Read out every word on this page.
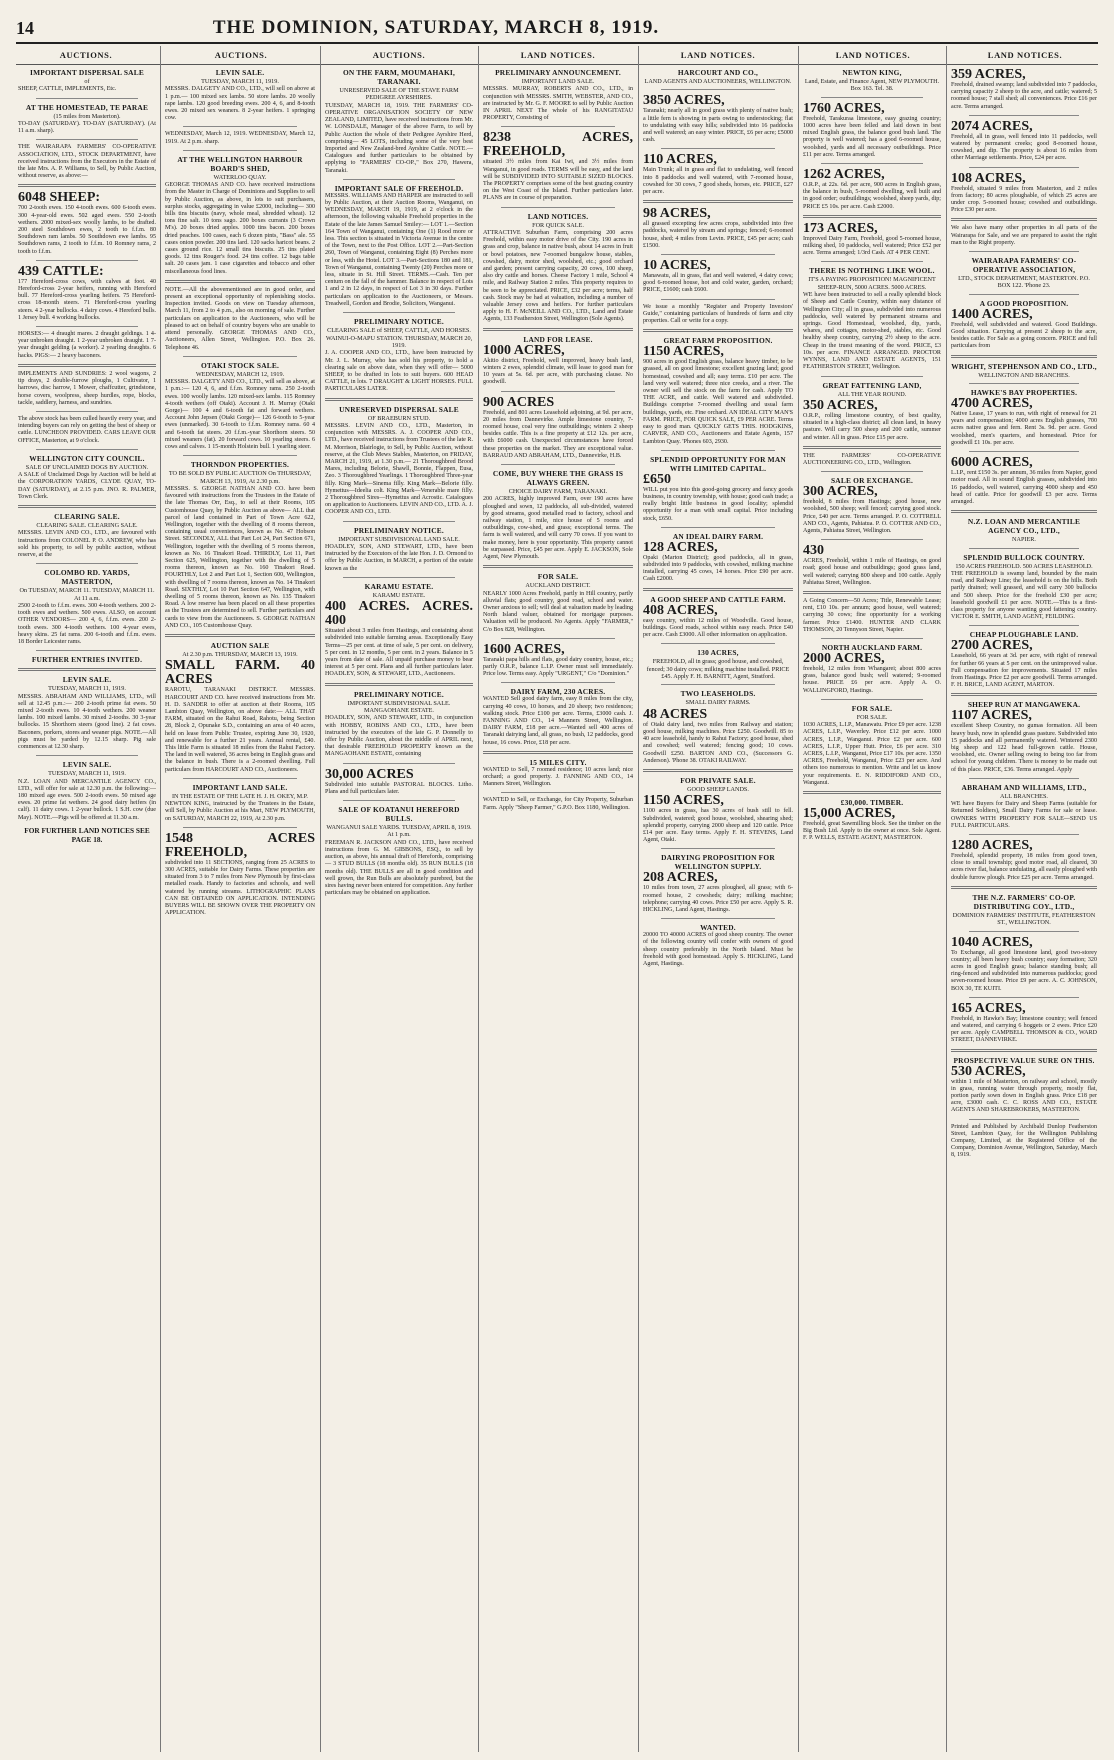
14	THE DOMINION, SATURDAY, MARCH 8, 1919.
AUCTIONS.	AUCTIONS.	AUCTIONS.	LAND NOTICES.	LAND NOTICES.	LAND NOTICES.	LAND NOTICES.
IMPORTANT DISPERSAL SALE
of
SHEEP, CATTLE, IMPLEMENTS, Etc.
AT THE HOMESTEAD, TE PARAE
(15 miles from Masterton).
TO-DAY (SATURDAY). TO-DAY (SATURDAY). (At 11 a.m. sharp).
THE WAIRARAPA FARMERS' CO-OPERATIVE ASSOCIATION, LTD., STOCK DEPARTMENT, have received instructions from the Executors in the Estate of the late Mrs. A. P. Williams, to Sell, by Public Auction, without reserve, as above:—
6048 SHEEP:
700 2-tooth ewes. 150 4-tooth ewes. 600 6-tooth ewes. 300 4-year-old ewes. 502 aged ewes. 550 2-tooth wethers. 2000 mixed-sex woolly lambs, to be drafted. 200 steel Southdown ewes, 2 tooth to f.f.m. 80 Southdown ram lambs. 50 Southdown ewe lambs. 95 Southdown rams, 2 tooth to f.f.m. 10 Romney rams, 2 tooth to f.f.m.
439 CATTLE:
177 Hereford-cross cows, with calves at foot. 40 Hereford-cross 2-year heifers, running with Hereford bull. 77 Hereford-cross yearling heifers. 75 Hereford-cross 18-month steers. 71 Hereford-cross yearling steers. 4 2-year bullocks. 4 dairy cows. 4 Hereford bulls. 1 Jersey bull. 4 working bullocks.
HORSES:— 4 draught mares. 2 draught geldings. 1 4-year unbroken draught. 1 2-year unbroken draught. 1 7-year draught gelding (a worker). 2 yearling draughts. 6 hacks. PIGS:— 2 heavy baconers.
IMPLEMENTS AND SUNDRIES: 2 wool wagons, 2 tip drays, 2 double-furrow ploughs, 1 Cultivator, 1 harrows, disc harrow, 1 Mower, chaffcutter, grindstone, horse covers, woolpress, sheep hurdles, rope, blocks, tackle, saddlery, harness, and sundries.
The above stock has been culled heavily every year, and intending buyers can rely on getting the best of sheep or cattle. LUNCHEON PROVIDED. CARS LEAVE OUR OFFICE, Masterton, at 9 o'clock.
WELLINGTON CITY COUNCIL.
SALE OF UNCLAIMED DOGS BY AUCTION.
A SALE of Unclaimed Dogs by Auction will be held at the CORPORATION YARDS, CLYDE QUAY, TO-DAY (SATURDAY), at 2.15 p.m. JNO. R. PALMER, Town Clerk.
CLEARING SALE.
CLEARING SALE. CLEARING SALE.
MESSRS. LEVIN AND CO., LTD., are favoured with instructions from COLONEL P. O. ANDREW, who has sold his property, to sell by public auction, without reserve, at the
COLOMBO RD. YARDS, MASTERTON,
On TUESDAY, MARCH 11. TUESDAY, MARCH 11. At 11 a.m.
2500 2-tooth to f.f.m. ewes. 300 4-tooth wethers. 200 2-tooth ewes and wethers. 500 ewes. ALSO, on account OTHER VENDORS— 200 4, 6, f.f.m. ewes. 200 2-tooth ewes. 300 4-tooth wethers. 100 4-year ewes, heavy skins. 25 fat rams. 200 6-tooth and f.f.m. ewes. 18 Border Leicester rams.
FURTHER ENTRIES INVITED.
LEVIN SALE.
TUESDAY, MARCH 11, 1919.
MESSRS. ABRAHAM AND WILLIAMS, LTD., will sell at 12.45 p.m.:— 200 2-tooth prime fat ewes. 50 mixed 2-tooth ewes. 10 4-tooth wethers. 200 weaner lambs. 100 mixed lambs. 30 mixed 2-tooths. 30 3-year bullocks. 15 Shorthorn steers (good line). 2 fat cows. Baconers, porkers, stores and weaner pigs. NOTE.—All pigs must be yarded by 12.15 sharp. Pig sale commences at 12.30 sharp.
LEVIN SALE.
TUESDAY, MARCH 11, 1919.
N.Z. LOAN AND MERCANTILE AGENCY CO., LTD., will offer for sale at 12.30 p.m. the following:— 180 mixed age ewes. 500 2-tooth ewes. 50 mixed age ewes. 20 prime fat wethers. 24 good dairy heifers (in calf). 11 dairy cows. 1 2-year bullock. 1 S.H. cow (due May). NOTE.—Pigs will be offered at 11.30 a.m.
FOR FURTHER LAND NOTICES SEE PAGE 18.
LEVIN SALE.
TUESDAY, MARCH 11, 1919.
MESSRS. DALGETY AND CO., LTD., will sell on above at 1 p.m.— 100 mixed sex lambs. 50 store lambs. 20 woolly rape lambs. 120 good breeding ewes. 200 4, 6, and 8-tooth ewes. 20 mixed sex weaners. 8 2-year heifers. 1 springing cow.
WEDNESDAY, March 12, 1919. WEDNESDAY, March 12, 1919. At 2 p.m. sharp.
AT THE WELLINGTON HARBOUR BOARD'S SHED,
WATERLOO QUAY.
GEORGE THOMAS AND CO. have received instructions from the Master in Charge of Dominions and Supplies to sell by Public Auction, as above, in lots to suit purchasers, surplus stocks, aggregating in value £2000, including— 300 bills tins biscuits (navy, whole meal, shredded wheat). 12 tons fine salt. 10 tons sago. 200 boxes currants (3 Crown M's). 20 boxes dried apples. 1000 tins bacon. 200 boxes dried peaches. 100 cases, each 6 dozen pints, "Bass" ale. 55 cases onion powder. 200 tins lard. 120 sacks haricot beans. 2 cases ground rice. 12 small tins biscuits. 25 tins plated goods. 12 tins Rouger's food. 24 tins coffee. 12 bags table salt. 20 cases jam. 1 case cigarettes and tobacco and other miscellaneous food lines.
NOTE.—All the abovementioned are in good order, and present an exceptional opportunity of replenishing stocks. Inspection invited. Goods on view on Tuesday afternoon, March 11, from 2 to 4 p.m., also on morning of sale. Further particulars on application to the Auctioneers, who will be pleased to act on behalf of country buyers who are unable to attend personally. GEORGE THOMAS AND CO., Auctioneers, Allen Street, Wellington. P.O. Box 26. Telephone 46.
OTAKI STOCK SALE.
WEDNESDAY, MARCH 12, 1919.
MESSRS. DALGETY AND CO., LTD., will sell as above, at 1 p.m.:— 120 4, 6, and f.f.m. Romney rams. 250 2-tooth ewes. 100 woolly lambs. 120 mixed-sex lambs. 115 Romney 4-tooth wethers (off Otaki). Account J. H. Murray (Otaki Gorge)— 100 4 and 6-tooth fat and forward wethers. Account John Jepsen (Otaki Gorge)— 126 6-tooth to 5-year ewes (unmarked). 30 6-tooth to f.f.m. Romney rams. 60 4 and 6-tooth fat steers. 20 f.f.m.-year Shorthorn steers. 50 mixed weaners (fat). 20 forward cows. 10 yearling steers. 6 cows and calves. 1 15-month Holstein bull. 1 yearling steer.
THORNDON PROPERTIES.
TO BE SOLD BY PUBLIC AUCTION On THURSDAY, MARCH 13, 1919, At 2.30 p.m.
MESSRS. S. GEORGE NATHAN AND CO. have been favoured with instructions from the Trustees in the Estate of the late Thomas Orr, Esq., to sell at their Rooms, 105 Customhouse Quay, by Public Auction as above— ALL that parcel of land contained in Part of Town Acre 622, Wellington, together with the dwelling of 8 rooms thereon, containing usual conveniences, known as No. 47 Hobson Street. SECONDLY, ALL that Part Lot 24, Part Section 671, Wellington, together with the dwelling of 5 rooms thereon, known as No. 16 Tinakori Road. THIRDLY, Lot 11, Part Section 625, Wellington, together with the dwelling of 5 rooms thereon, known as No. 160 Tinakori Road. FOURTHLY, Lot 2 and Part Lot 1, Section 600, Wellington, with dwelling of 7 rooms thereon, known as No. 14 Tinakori Road. SIXTHLY, Lot 10 Part Section 647, Wellington, with dwelling of 5 rooms thereon, known as No. 135 Tinakori Road. A low reserve has been placed on all these properties as the Trustees are determined to sell. Further particulars and cards to view from the Auctioneers. S. GEORGE NATHAN AND CO., 105 Customhouse Quay.
AUCTION SALE
At 2.30 p.m. THURSDAY, MARCH 13, 1919.
SMALL FARM. 40 ACRES
RAROTU, TARANAKI DISTRICT. MESSRS. HARCOURT AND CO. have received instructions from Mr. H. D. SANDER to offer at auction at their Rooms, 105 Lambton Quay, Wellington, on above date:— ALL THAT FARM, situated on the Rahui Road, Rahotu, being Section 28, Block 2, Opunake S.D., containing an area of 40 acres, held on lease from Public Trustee, expiring June 30, 1920, and renewable for a further 21 years. Annual rental, £40. This little Farm is situated 18 miles from the Rahui Factory. The land in well watered, 36 acres being in English grass and the balance in bush. There is a 2-roomed dwelling. Full particulars from HARCOURT AND CO., Auctioneers.
IMPORTANT LAND SALE.
IN THE ESTATE OF THE LATE H. J. H. OKEY, M.P.
NEWTON KING, instructed by the Trustees in the Estate, will Sell, by Public Auction at his Mart, NEW PLYMOUTH, on SATURDAY, MARCH 22, 1919, At 2.30 p.m.
1548 ACRES FREEHOLD,
subdivided into 11 SECTIONS, ranging from 25 ACRES to 300 ACRES, suitable for Dairy Farms. These properties are situated from 3 to 7 miles from New Plymouth by first-class metalled roads. Handy to factories and schools, and well watered by running streams. LITHOGRAPHIC PLANS CAN BE OBTAINED ON APPLICATION. INTENDING BUYERS WILL BE SHOWN OVER THE PROPERTY ON APPLICATION.
ON THE FARM, MOUMAHAKI, TARANAKI.
UNRESERVED SALE OF THE STAVE FARM PEDIGREE AYRSHIRES.
TUESDAY, MARCH 18, 1919. THE FARMERS' CO-OPERATIVE ORGANISATION SOCIETY OF NEW ZEALAND, LIMITED, have received instructions from Mr. W. LONSDALE, Manager of the above Farm, to sell by Public Auction the whole of their Pedigree Ayrshire Herd, comprising— 45 LOTS, including some of the very best Imported and New Zealand-bred Ayrshire Cattle. NOTE.—Catalogues and further particulars to be obtained by applying to "FARMERS' CO-OP.," Box 270, Hawera, Taranaki.
IMPORTANT SALE OF FREEHOLD.
MESSRS. WILLIAMS AND HARPER are instructed to sell by Public Auction, at their Auction Rooms, Wanganui, on WEDNESDAY, MARCH 19, 1919, at 2 o'clock in the afternoon, the following valuable Freehold properties in the Estate of the late James Samuel Smiley:— LOT 1.—Section 164 Town of Wanganui, containing One (1) Rood more or less. This section is situated in Victoria Avenue in the centre of the Town, next to the Post Office. LOT 2.—Part-Section 260, Town of Wanganui, containing Eight (8) Perches more or less, with the Hotel. LOT 3.—Part-Sections 180 and 181, Town of Wanganui, containing Twenty (20) Perches more or less, situate in St. Hill Street. TERMS.—Cash. Ten per centum on the fall of the hammer. Balance in respect of Lots 1 and 2 in 12 days, in respect of Lot 3 in 30 days. Further particulars on application to the Auctioneers, or Messrs. Treadwell, Gordon and Brodie, Solicitors, Wanganui.
PRELIMINARY NOTICE.
CLEARING SALE of SHEEP, CATTLE, AND HORSES. WAINUI-O-MAPU STATION. THURSDAY, MARCH 20, 1919.
J. A. COOPER AND CO., LTD., have been instructed by Mr. J. L. Murray, who has sold his property, to hold a clearing sale on above date, when they will offer— 5000 SHEEP, to be drafted in lots to suit buyers. 600 HEAD CATTLE, in lots. 7 DRAUGHT & LIGHT HORSES. FULL PARTICULARS LATER.
UNRESERVED DISPERSAL SALE
OF BRAEBURN STUD.
MESSRS. LEVIN AND CO., LTD., Masterton, in conjunction with MESSRS. A. J. COOPER AND CO., LTD., have received instructions from Trustees of the late R. M. Morrison, Blairlogie, to Sell, by Public Auction, without reserve, at the Club Mews Stables, Masterton, on FRIDAY, MARCH 21, 1919, at 1.30 p.m.— 21 Thoroughbred Brood Mares, including Belorie, Shawll, Bonnie, Flappen, Eusa, Zeo. 3 Thoroughbred Yearlings. 1 Thoroughbred Three-year filly. King Mark—Sinema filly. King Mark—Belorie filly. Hymettus—Ideelia colt. King Mark—Venerable mare filly. 2 Thoroughbred Sires—Hymettus and Acrostic. Catalogues on application to Auctioneers. LEVIN AND CO., LTD. A. J. COOPER AND CO., LTD.
PRELIMINARY NOTICE.
IMPORTANT SUBDIVISIONAL LAND SALE.
HOADLEY, SON, AND STEWART, LTD., have been instructed by the Executors of the late Hon. J. D. Ormond to offer by Public Auction, in MARCH, a portion of the estate known as the
KARAMU ESTATE.
KARAMU ESTATE.
400 ACRES. ACRES. 400
Situated about 3 miles from Hastings, and containing about subdivided into suitable farming areas. Exceptionally Easy Terms—25 per cent. at time of sale, 5 per cent. on delivery, 5 per cent. in 12 months, 5 per cent. in 2 years. Balance in 5 years from date of sale. All unpaid purchase money to bear interest at 5 per cent. Plans and all further particulars later. HOADLEY, SON, & STEWART, LTD., Auctioneers.
PRELIMINARY NOTICE.
IMPORTANT SUBDIVISIONAL SALE. MANGAOHANE ESTATE.
HOADLEY, SON, AND STEWART, LTD., in conjunction with HOBBY, ROBINS AND CO., LTD., have been instructed by the executors of the late G. P. Donnelly to offer by Public Auction, about the middle of APRIL next, that desirable FREEHOLD PROPERTY known as the MANGAOHANE ESTATE, containing
30,000 ACRES
Subdivided into suitable PASTORAL BLOCKS. Litho. Plans and full particulars later.
SALE OF KOATANUI HEREFORD BULLS.
WANGANUI SALE YARDS. TUESDAY, APRIL 8, 1919. At 1 p.m.
FREEMAN R. JACKSON AND CO., LTD., have received instructions from G. M. GIBBONS, ESQ., to sell by auction, as above, his annual draft of Herefords, comprising— 3 STUD BULLS (18 months old). 35 RUN BULLS (18 months old). THE BULLS are all in good condition and well grown, the Run Bulls are absolutely purebred, but the sires having never been entered for competition. Any further particulars may be obtained on application.
PRELIMINARY ANNOUNCEMENT.
IMPORTANT LAND SALE.
MESSRS. MURRAY, ROBERTS AND CO., LTD., in conjunction with MESSRS. SMITH, WEBSTER, AND CO., are instructed by Mr. G. F. MOORE to sell by Public Auction IN APRIL NEXT The whole of his RANGITATAU PROPERTY, Consisting of
8238 ACRES, FREEHOLD,
situated 3½ miles from Kai Iwi, and 3½ miles from Wanganui, in good roads. TERMS will be easy, and the land will be SUBDIVIDED INTO SUITABLE SIZED BLOCKS. The PROPERTY comprises some of the best grazing country on the West Coast of the Island. Further particulars later. PLANS are in course of preparation.
LAND NOTICES.
FOR QUICK SALE.
ATTRACTIVE Suburban Farm, comprising 200 acres Freehold, within easy motor drive of the City. 190 acres in grass and crop, balance in native bush, about 14 acres in fruit or bowl potatoes, new 7-roomed bungalow house, stables, cowshed, dairy, motor shed, woolshed, etc.; good orchard and garden; present carrying capacity, 20 cows, 100 sheep, also dry cattle and horses. Cheese Factory 1 mile, School 4 mile, and Railway Station 2 miles. This property requires to be seen to be appreciated. PRICE, £32 per acre; terms, half cash. Stock may be had at valuation, including a number of valuable Jersey cows and heifers. For further particulars apply to H. F. McNEILL AND CO., LTD., Land and Estate Agents, 133 Featherston Street, Wellington (Sole Agents).
LAND FOR LEASE.
1000 ACRES,
Akitio district, Freehold, well improved, heavy bush land, winters 2 ewes, splendid climate, will lease to good man for 10 years at 5s. 6d. per acre, with purchasing clause. No goodwill.
900 ACRES
Freehold, and 801 acres Leasehold adjoining, at 9d. per acre, 20 miles from Dannevirke. Ample limestone country, 7-roomed house, coal very fine outbuildings; winters 2 sheep besides cattle. This is a fine property at £12 12s. per acre, with £6000 cash. Unexpected circumstances have forced these properties on the market. They are exceptional value. BARRAUD AND ABRAHAM, LTD., Dannevirke, H.B.
COME, BUY WHERE THE GRASS IS ALWAYS GREEN.
CHOICE DAIRY FARM, TARANAKI.
200 ACRES, highly improved Farm, over 190 acres have ploughed and sown, 12 paddocks, all sub-divided, watered by good streams, good metalled road to factory, school and railway station, 1 mile, nice house of 5 rooms and outbuildings, cow-shed, and grass; exceptional terms. The farm is well watered, and will carry 70 cows. If you want to make money, here is your opportunity. This property cannot be surpassed. Price, £45 per acre. Apply E. JACKSON, Sole Agent, New Plymouth.
FOR SALE.
AUCKLAND DISTRICT.
NEARLY 1000 Acres Freehold, partly in Hill country, partly alluvial flats; good country, good road, school and water. Owner anxious to sell; will deal at valuation made by leading North Island valuer, obtained for mortgage purposes. Valuation will be produced. No Agents. Apply "FARMER," C/o Box 828, Wellington.
1600 ACRES,
Taranaki papa hills and flats, good dairy country, house, etc.; partly O.R.P., balance L.I.P. Owner must sell immediately. Price low. Terms easy. Apply "URGENT," C/o "Dominion."
DAIRY FARM, 230 ACRES.
WANTED Sell good dairy farm, easy 8 miles from the city, carrying 40 cows, 10 horses, and 20 sheep; two residences; walking stock. Price £100 per acre. Terms, £3000 cash. J. FANNING AND CO., 14 Manners Street, Wellington. DAIRY FARM, £18 per acre.—Wanted sell 400 acres of Taranaki dairying land, all grass, no bush, 12 paddocks, good house, 16 cows. Price, £18 per acre.
15 MILES CITY.
WANTED to Sell, 7 roomed residence; 10 acres land; nice orchard; a good property. J. FANNING AND CO., 14 Manners Street, Wellington.
WANTED to Sell, or Exchange, for City Property, Suburban Farm. Apply "Sheep Farmer," G.P.O. Box 1180, Wellington.
HARCOURT AND CO.,
LAND AGENTS AND AUCTIONEERS, WELLINGTON.
3850 ACRES,
Taranaki; nearly all in good grass with plenty of native bush; a little fern is showing in parts owing to understocking; flat to undulating with easy hills; subdivided into 16 paddocks and well watered; an easy winter. PRICE, £6 per acre; £5000 cash.
110 ACRES,
Main Trunk; all in grass and flat to undulating, well fenced into 8 paddocks and well watered, with 7-roomed house, cowshed for 30 cows, 7 good sheds, horses, etc. PRICE, £27 per acre.
98 ACRES,
all grassed excepting few acres crops, subdivided into five paddocks, watered by stream and springs; fenced; 6-roomed house, shed; 4 miles from Levin. PRICE, £45 per acre; cash £1500.
10 ACRES,
Manawatu, all in grass, flat and well watered, 4 dairy cows; good 6-roomed house, hot and cold water, garden, orchard; PRICE, £1600; cash £600.
We issue a monthly "Register and Property Investors' Guide," containing particulars of hundreds of farm and city properties. Call or write for a copy.
GREAT FARM PROPOSITION.
1150 ACRES,
900 acres in good English grass, balance heavy timber, to be grassed, all on good limestone; excellent grazing land; good homestead, cowshed and all; easy terms. £10 per acre. The land very well watered; three nice creeks, and a river. The owner will sell the stock on the farm for cash. Apply TO THE ACRE, and cattle. Well watered and subdivided. Buildings comprise 7-roomed dwelling and usual farm buildings, yards, etc. Fine orchard. AN IDEAL CITY MAN'S FARM. PRICE, FOR QUICK SALE, £9 PER ACRE. Terms easy to good man. QUICKLY GETS THIS. HODGKINS, CARVER, AND CO., Auctioneers and Estate Agents, 157 Lambton Quay. 'Phones 603, 2930.
SPLENDID OPPORTUNITY FOR MAN WITH LIMITED CAPITAL.
£650
WILL put you into this good-going grocery and fancy goods business, in country township, with house; good cash trade; a really bright little business in good locality; splendid opportunity for a man with small capital. Price including stock, £650.
AN IDEAL DAIRY FARM.
128 ACRES,
Opaki (Marton District); good paddocks, all in grass, subdivided into 9 paddocks, with cowshed, milking machine installed, carrying 45 cows, 14 horses. Price £90 per acre. Cash £2000.
A GOOD SHEEP AND CATTLE FARM.
408 ACRES,
easy country, within 12 miles of Woodville. Good house, buildings. Good roads, school within easy reach. Price £40 per acre. Cash £3000. All other information on application.
130 ACRES,
FREEHOLD, all in grass; good house, and cowshed, fenced; 30 dairy cows; milking machine installed. PRICE £45. Apply F. H. BARNITT, Agent, Stratford.
TWO LEASEHOLDS.
SMALL DAIRY FARMS.
48 ACRES
of Otaki dairy land, two miles from Railway and station; good house, milking machines. Price £250. Goodwill. 85 to 40 acre leasehold, handy to Rahui Factory; good house, shed and cowshed; well watered; fencing good; 10 cows. Goodwill £250. BARTON AND CO., (Successors G. Anderson). 'Phone 38. OTAKI RAILWAY.
FOR PRIVATE SALE.
GOOD SHEEP LANDS.
1150 ACRES,
1100 acres in grass, has 30 acres of bush still to fell. Subdivided, watered; good house, woolshed, shearing shed; splendid property, carrying 2000 sheep and 120 cattle. Price £14 per acre. Easy terms. Apply F. H. STEVENS, Land Agent, Otaki.
DAIRYING PROPOSITION FOR WELLINGTON SUPPLY.
208 ACRES,
10 miles from town, 27 acres ploughed, all grass; with 6-roomed house, 2 cowsheds; dairy; milking machine; telephone; carrying 40 cows. Price £50 per acre. Apply S. R. HICKLING, Land Agent, Hastings.
WANTED.
20000 TO 40000 ACRES of good sheep country. The owner of the following country will confer with owners of good sheep country preferably in the North Island. Must be freehold with good homestead. Apply S. HICKLING, Land Agent, Hastings.
NEWTON KING,
Land, Estate, and Finance Agent, NEW PLYMOUTH. Box 163. Tel. 38.
1760 ACRES,
Freehold, Tarakuraa limestone, easy grazing country; 1000 acres have been felled and laid down in best mixed English grass, the balance good bush land. The property is well watered; has a good 6-roomed house, woolshed, yards and all necessary outbuildings. Price £11 per acre. Terms arranged.
1262 ACRES,
O.R.P., at 22s. 6d. per acre, 900 acres in English grass, the balance in bush, 5-roomed dwelling, well built and in good order; outbuildings; woolshed, sheep yards, dip; PRICE £5 10s. per acre. Cash £2000.
173 ACRES,
Improved Dairy Farm, Freehold, good 5-roomed house, milking shed, 10 paddocks, well watered; Price £52 per acre. Terms arranged; 1/3rd Cash. AT 4 PER CENT.
THERE IS NOTHING LIKE WOOL.
IT'S A PAYING PROPOSITION! MAGNIFICENT SHEEP-RUN, 5000 ACRES. 5000 ACRES.
WE have been instructed to sell a really splendid block of Sheep and Cattle Country, within easy distance of Wellington City; all in grass, subdivided into numerous paddocks, well watered by permanent streams and springs. Good Homestead, woolshed, dip, yards, whares, and cottages, motor-shed, stables, etc. Good healthy sheep country, carrying 2½ sheep to the acre. Cheap in the truest meaning of the word. PRICE, £3 10s. per acre. FINANCE ARRANGED. PROCTOR WYNNS, LAND AND ESTATE AGENTS, 151 FEATHERSTON STREET, Wellington.
GREAT FATTENING LAND,
ALL THE YEAR ROUND.
350 ACRES,
O.R.P., rolling limestone country, of best quality, situated in a high-class district; all clean land, in heavy pasture. Will carry 500 sheep and 200 cattle, summer and winter. All in grass. Price £15 per acre.
THE FARMERS' CO-OPERATIVE AUCTIONEERING CO., LTD., Wellington.
SALE OR EXCHANGE.
300 ACRES,
freehold, 8 miles from Hastings; good house, new woolshed, 500 sheep; well fenced; carrying good stock. Price, £40 per acre. Terms arranged. P. O. COTTRELL AND CO., Agents, Pahiatua. P. O. COTTER AND CO., Agents, Pahiatua Street, Wellington.
430
ACRES, Freehold, within 1 mile of Hastings, on good road; good house and outbuildings; good grass land, well watered; carrying 800 sheep and 100 cattle. Apply Pahiatua Street, Wellington.
A Going Concern—50 Acres; Title, Renewable Lease; rent, £10 10s. per annum; good house, well watered; carrying 30 cows; fine opportunity for a working farmer. Price £1400. HUNTER AND CLARK THOMSON, 20 Tennyson Street, Napier.
NORTH AUCKLAND FARM.
2000 ACRES,
freehold, 12 miles from Whangarei; about 800 acres grass, balance good bush; well watered; 9-roomed house. PRICE £6 per acre. Apply A. O. WALLINGFORD, Hastings.
FOR SALE.
FOR SALE.
1030 ACRES, L.I.P., Manawatu. Price £9 per acre. 1238 ACRES, L.I.P., Waverley. Price £12 per acre. 1000 ACRES, L.I.P., Wanganui. Price £2 per acre. 600 ACRES, L.I.P., Upper Hutt. Price, £6 per acre. 310 ACRES, L.I.P., Wanganui, Price £17 10s. per acre. 1350 ACRES, Freehold, Wanganui, Price £23 per acre. And others too numerous to mention. Write and let us know your requirements. E. N. RIDDIFORD AND CO., Wanganui.
£30,000. TIMBER.
15,000 ACRES,
Freehold, great Sawmilling block. See the timber on the Big Bush Ltd. Apply to the owner at once. Sole Agent. F. P. WELLS, ESTATE AGENT, MASTERTON.
359 ACRES,
Freehold, drained swamp; land subdivided into 7 paddocks, carrying capacity 2 sheep to the acre, and cattle; watered; 5 roomed house; 7 stall shed; all conveniences. Price £16 per acre. Terms arranged.
2074 ACRES,
Freehold, all in grass, well fenced into 11 paddocks, well watered by permanent creeks; good 8-roomed house, cowshed, and dip. The property is about 16 miles from other Marriage settlements. Price, £24 per acre.
108 ACRES,
Freehold, situated 9 miles from Masterton, and 2 miles from factory; 80 acres ploughable, of which 25 acres are under crop. 5-roomed house; cowshed and outbuildings. Price £30 per acre.
We also have many other properties in all parts of the Wairarapa for Sale, and we are prepared to assist the right man to the Right property.
WAIRARAPA FARMERS' CO-OPERATIVE ASSOCIATION,
LTD., STOCK DEPARTMENT, MASTERTON. P.O. BOX 122. 'Phone 23.
A GOOD PROPOSITION.
1400 ACRES,
Freehold, well subdivided and watered. Good Buildings. Good situation. Carrying at present 2 sheep to the acre, besides cattle. For Sale as a going concern. PRICE and full particulars from
WRIGHT, STEPHENSON AND CO., LTD.,
WELLINGTON AND BRANCHES.
HAWKE'S BAY PROPERTIES.
4700 ACRES,
Native Lease, 17 years to run, with right of renewal for 21 years and compensation; 4000 acres English grasses, 700 acres native grass and fern. Rent 3s. 9d. per acre. Good woolshed, men's quarters, and homestead. Price for goodwill £1 10s. per acre.
6000 ACRES,
L.I.P., rent £150 3s. per annum, 36 miles from Napier, good motor road. All in sound English grasses, subdivided into 16 paddocks, well watered, carrying 4000 sheep and 450 head of cattle. Price for goodwill £3 per acre. Terms arranged.
N.Z. LOAN AND MERCANTILE AGENCY CO., LTD.,
NAPIER.
SPLENDID BULLOCK COUNTRY.
150 ACRES FREEHOLD. 500 ACRES LEASEHOLD.
THE FREEHOLD is swamp land, bounded by the main road, and Railway Line; the leasehold is on the hills. Both partly drained; well grassed, and will carry 300 bullocks and 500 sheep. Price for the freehold £30 per acre; leasehold goodwill £1 per acre. NOTE.—This is a first-class property for anyone wanting good fattening country. VICTOR E. SMITH, LAND AGENT, FEILDING.
CHEAP PLOUGHABLE LAND.
2700 ACRES,
Leasehold, 66 years at 3d. per acre, with right of renewal for further 66 years at 5 per cent. on the unimproved value. Full compensation for improvements. Situated 17 miles from Hastings. Price £2 per acre goodwill. Terms arranged. F. H. BRICE, LAND AGENT, MARTON.
SHEEP RUN AT MANGAWEKA.
1107 ACRES,
excellent Sheep Country, no gumas formation. All been heavy bush, now in splendid grass pasture. Subdivided into 15 paddocks and all permanently watered. Wintered 2300 big sheep and 122 head full-grown cattle. House, woolshed, etc. Owner selling owing to being too far from school for young children. There is money to be made out of this place. PRICE, £36. Terms arranged. Apply
ABRAHAM AND WILLIAMS, LTD.,
ALL BRANCHES.
WE have Buyers for Dairy and Sheep Farms (suitable for Returned Soldiers), Small Dairy Farms for sale or lease. OWNERS WITH PROPERTY FOR SALE—SEND US FULL PARTICULARS.
1280 ACRES,
Freehold, splendid property, 18 miles from good town, close to small township; good motor road, all cleared, 30 acres river flat, balance undulating, all easily ploughed with double furrow plough. Price £25 per acre. Terms arranged.
THE N.Z. FARMERS' CO-OP. DISTRIBUTING COY., LTD.,
DOMINION FARMERS' INSTITUTE, FEATHERSTON ST., WELLINGTON.
1040 ACRES,
To Exchange, all good limestone land, good two-storey country; all been heavy bush country; easy formation; 320 acres in good English grass; balance standing bush; all ring-fenced and subdivided into numerous paddocks; good seven-roomed house. Price £9 per acre. A. C. JOHNSON, BOX 30, TE KUITI.
165 ACRES,
Freehold, in Hawke's Bay; limestone country; well fenced and watered, and carrying 6 hoggets or 2 ewes. Price £20 per acre. Apply CAMPBELL THOMSON & CO., WARD STREET, DANNEVIRKE.
PROSPECTIVE VALUE SURE ON THIS.
530 ACRES,
within 1 mile of Masterton, on railway and school, mostly in grass, running water through property, mostly flat, portion partly sown down in English grass. Price £18 per acre, £3000 cash. C. C. ROSS AND CO., ESTATE AGENTS AND SHAREBROKERS, MASTERTON.
Printed and Published by Archibald Dunlop Featherston Street, Lambton Quay, for the Wellington Publishing Company, Limited, at the Registered Office of the Company, Dominion Avenue, Wellington, Saturday, March 8, 1919.
